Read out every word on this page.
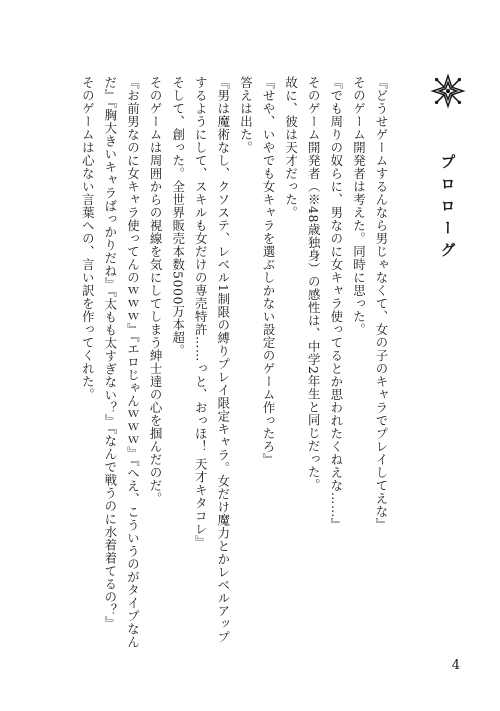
プロローグ
『どうせゲームするんなら男じゃなくて、女の子のキャラでプレイしてえな』
そのゲーム開発者は考えた。同時に思った。
『でも周りの奴らに、男なのに女キャラ使ってるとか思われたくねえな……』
そのゲーム開発者（※48歳独身）の感性は、中学2年生と同じだった。
故に、彼は天才だった。
『せや、いやでも女キャラを選ぶしかない設定のゲーム作ったろ』
答えは出た。
『男は魔術なし、クソステ、レベル1制限の縛りプレイ限定キャラ。女だけ魔力とかレベルアップ
するようにして、スキルも女だけの専売特許……っと、おっほ！ 天才キタコレ』
そして、創った。全世界販売本数5000万本超。
そのゲームは周囲からの視線を気にしてしまう紳士達の心を掴んだのだ。
『お前男なのに女キャラ使ってんのｗｗｗ』『エロじゃんｗｗｗ』『へえ、こういうのがタイプなん
だ』『胸大きいキャラばっかりだね』『太もも太すぎない？』『なんで戦うのに水着着てるの？』
そのゲームは心ない言葉への、言い訳を作ってくれた。
4
